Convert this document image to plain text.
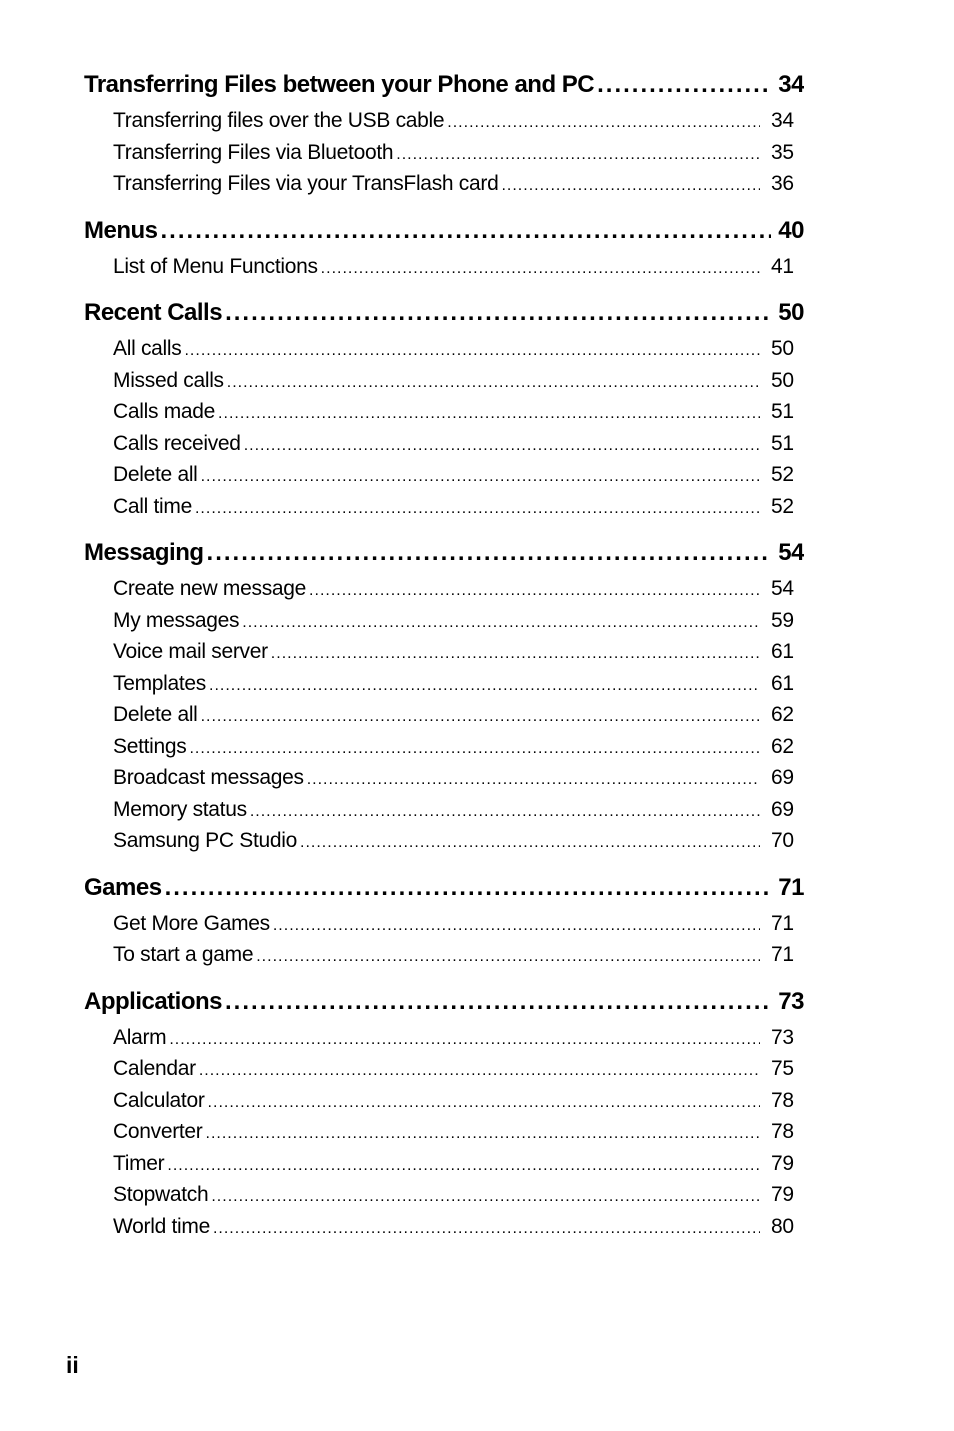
Transferring Files between your Phone and PC .....	34
Transferring files over the USB cable .....	34
Transferring Files via Bluetooth .....	35
Transferring Files via your TransFlash card .....	36
Menus .....	40
List of Menu Functions .....	41
Recent Calls .....	50
All calls .....	50
Missed calls .....	50
Calls made .....	51
Calls received .....	51
Delete all .....	52
Call time .....	52
Messaging .....	54
Create new message .....	54
My messages .....	59
Voice mail server .....	61
Templates .....	61
Delete all .....	62
Settings .....	62
Broadcast messages .....	69
Memory status .....	69
Samsung PC Studio .....	70
Games .....	71
Get More Games .....	71
To start a game .....	71
Applications .....	73
Alarm .....	73
Calendar .....	75
Calculator .....	78
Converter .....	78
Timer .....	79
Stopwatch .....	79
World time .....	80
ii
